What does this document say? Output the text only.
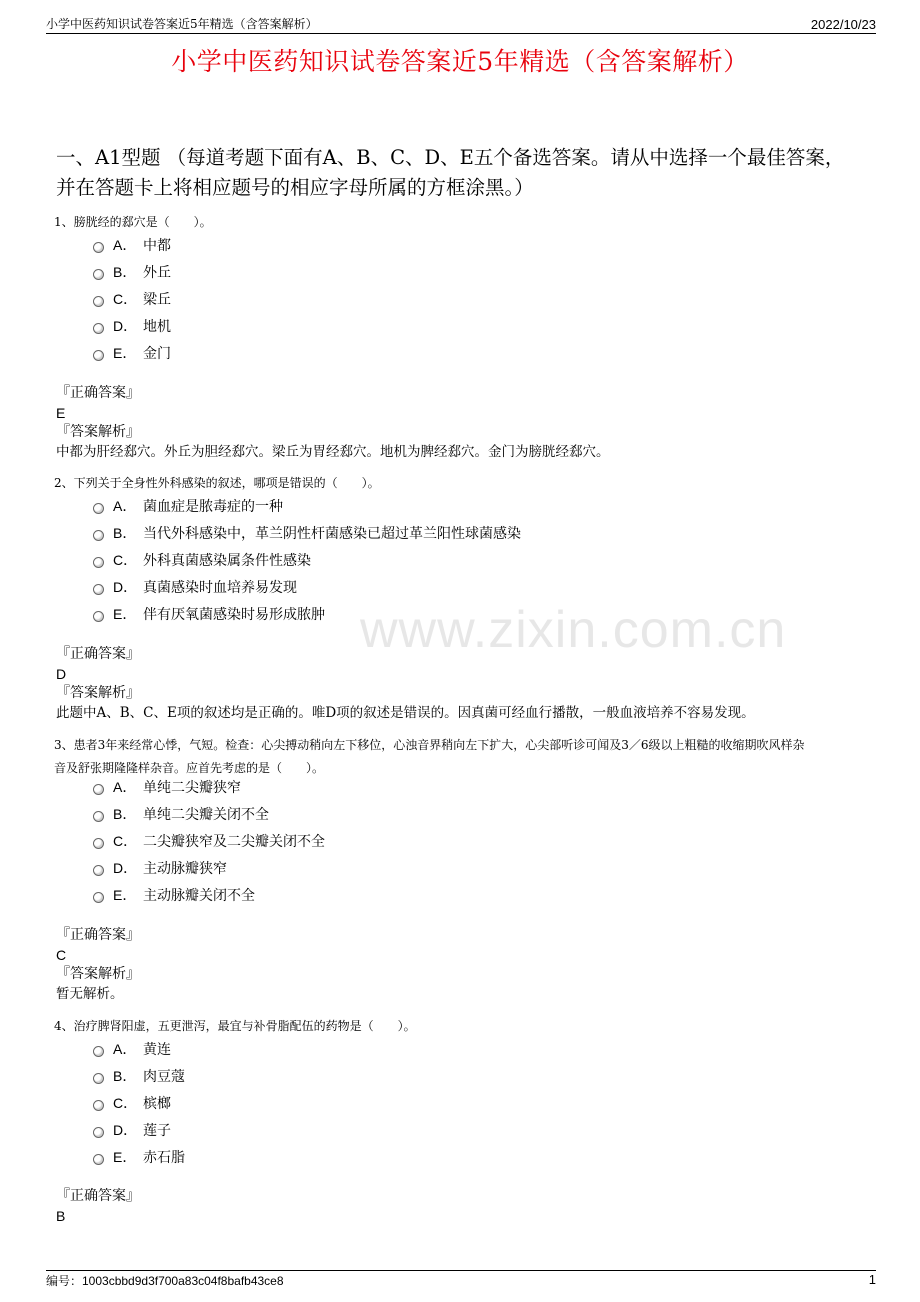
小学中医药知识试卷答案近5年精选（含答案解析）	2022/10/23
小学中医药知识试卷答案近5年精选（含答案解析）
一、A1型题 （每道考题下面有A、B、C、D、E五个备选答案。请从中选择一个最佳答案，并在答题卡上将相应题号的相应字母所属的方框涂黑。）
www.zixin.com.cn
1、膀胱经的郄穴是（　　）。
A． 中都
B． 外丘
C． 梁丘
D． 地机
E． 金门
『正确答案』
E
『答案解析』
中都为肝经郄穴。外丘为胆经郄穴。梁丘为胃经郄穴。地机为脾经郄穴。金门为膀胱经郄穴。
2、下列关于全身性外科感染的叙述，哪项是错误的（　　）。
A． 菌血症是脓毒症的一种
B． 当代外科感染中，革兰阴性杆菌感染已超过革兰阳性球菌感染
C． 外科真菌感染属条件性感染
D． 真菌感染时血培养易发现
E． 伴有厌氧菌感染时易形成脓肿
『正确答案』
D
『答案解析』
此题中A、B、C、E项的叙述均是正确的。唯D项的叙述是错误的。因真菌可经血行播散，一般血液培养不容易发现。
3、患者3年来经常心悸，气短。检查：心尖搏动稍向左下移位，心浊音界稍向左下扩大，心尖部听诊可闻及3／6级以上粗糙的收缩期吹风样杂
音及舒张期隆隆样杂音。应首先考虑的是（　　）。
A． 单纯二尖瓣狭窄
B． 单纯二尖瓣关闭不全
C． 二尖瓣狭窄及二尖瓣关闭不全
D． 主动脉瓣狭窄
E． 主动脉瓣关闭不全
『正确答案』
C
『答案解析』
暂无解析。
4、治疗脾肾阳虚，五更泄泻，最宜与补骨脂配伍的药物是（　　）。
A． 黄连
B． 肉豆蔻
C． 槟榔
D． 莲子
E． 赤石脂
『正确答案』
B
编号：1003cbbd9d3f700a83c04f8bafb43ce8	1
